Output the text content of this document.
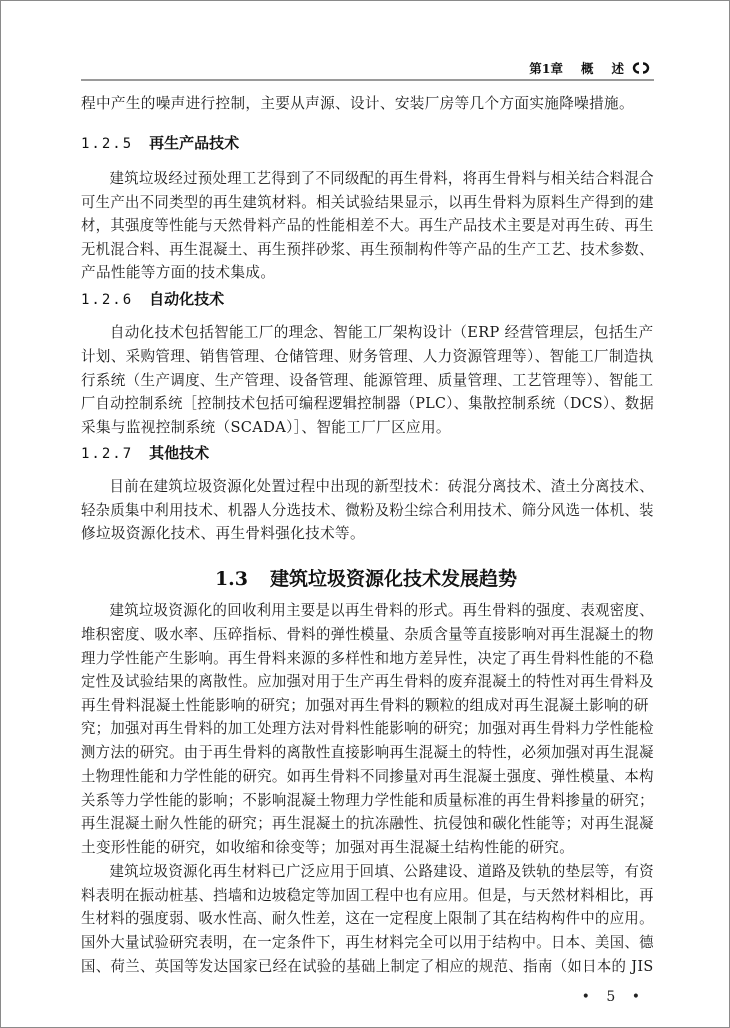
第1章 概 述
程中产生的噪声进行控制，主要从声源、设计、安装厂房等几个方面实施降噪措施。
1.2.5 再生产品技术
建筑垃圾经过预处理工艺得到了不同级配的再生骨料，将再生骨料与相关结合料混合
可生产出不同类型的再生建筑材料。相关试验结果显示，以再生骨料为原料生产得到的建
材，其强度等性能与天然骨料产品的性能相差不大。再生产品技术主要是对再生砖、再生
无机混合料、再生混凝土、再生预拌砂浆、再生预制构件等产品的生产工艺、技术参数、
产品性能等方面的技术集成。
1.2.6 自动化技术
自动化技术包括智能工厂的理念、智能工厂架构设计（ERP 经营管理层，包括生产
计划、采购管理、销售管理、仓储管理、财务管理、人力资源管理等）、智能工厂制造执
行系统（生产调度、生产管理、设备管理、能源管理、质量管理、工艺管理等）、智能工
厂自动控制系统［控制技术包括可编程逻辑控制器（PLC）、集散控制系统（DCS）、数据
采集与监视控制系统（SCADA）］、智能工厂厂区应用。
1.2.7 其他技术
目前在建筑垃圾资源化处置过程中出现的新型技术：砖混分离技术、渣土分离技术、
轻杂质集中利用技术、机器人分选技术、微粉及粉尘综合利用技术、筛分风选一体机、装
修垃圾资源化技术、再生骨料强化技术等。
1.3 建筑垃圾资源化技术发展趋势
建筑垃圾资源化的回收利用主要是以再生骨料的形式。再生骨料的强度、表观密度、
堆积密度、吸水率、压碎指标、骨料的弹性模量、杂质含量等直接影响对再生混凝土的物
理力学性能产生影响。再生骨料来源的多样性和地方差异性，决定了再生骨料性能的不稳
定性及试验结果的离散性。应加强对用于生产再生骨料的废弃混凝土的特性对再生骨料及
再生骨料混凝土性能影响的研究；加强对再生骨料的颗粒的组成对再生混凝土影响的研
究；加强对再生骨料的加工处理方法对骨料性能影响的研究；加强对再生骨料力学性能检
测方法的研究。由于再生骨料的离散性直接影响再生混凝土的特性，必须加强对再生混凝
土物理性能和力学性能的研究。如再生骨料不同掺量对再生混凝土强度、弹性模量、本构
关系等力学性能的影响；不影响混凝土物理力学性能和质量标准的再生骨料掺量的研究；
再生混凝土耐久性能的研究；再生混凝土的抗冻融性、抗侵蚀和碳化性能等；对再生混凝
土变形性能的研究，如收缩和徐变等；加强对再生混凝土结构性能的研究。
建筑垃圾资源化再生材料已广泛应用于回填、公路建设、道路及铁轨的垫层等，有资
料表明在振动桩基、挡墙和边坡稳定等加固工程中也有应用。但是，与天然材料相比，再
生材料的强度弱、吸水性高、耐久性差，这在一定程度上限制了其在结构构件中的应用。
国外大量试验研究表明，在一定条件下，再生材料完全可以用于结构中。日本、美国、德
国、荷兰、英国等发达国家已经在试验的基础上制定了相应的规范、指南（如日本的 JIS
• 5 •
